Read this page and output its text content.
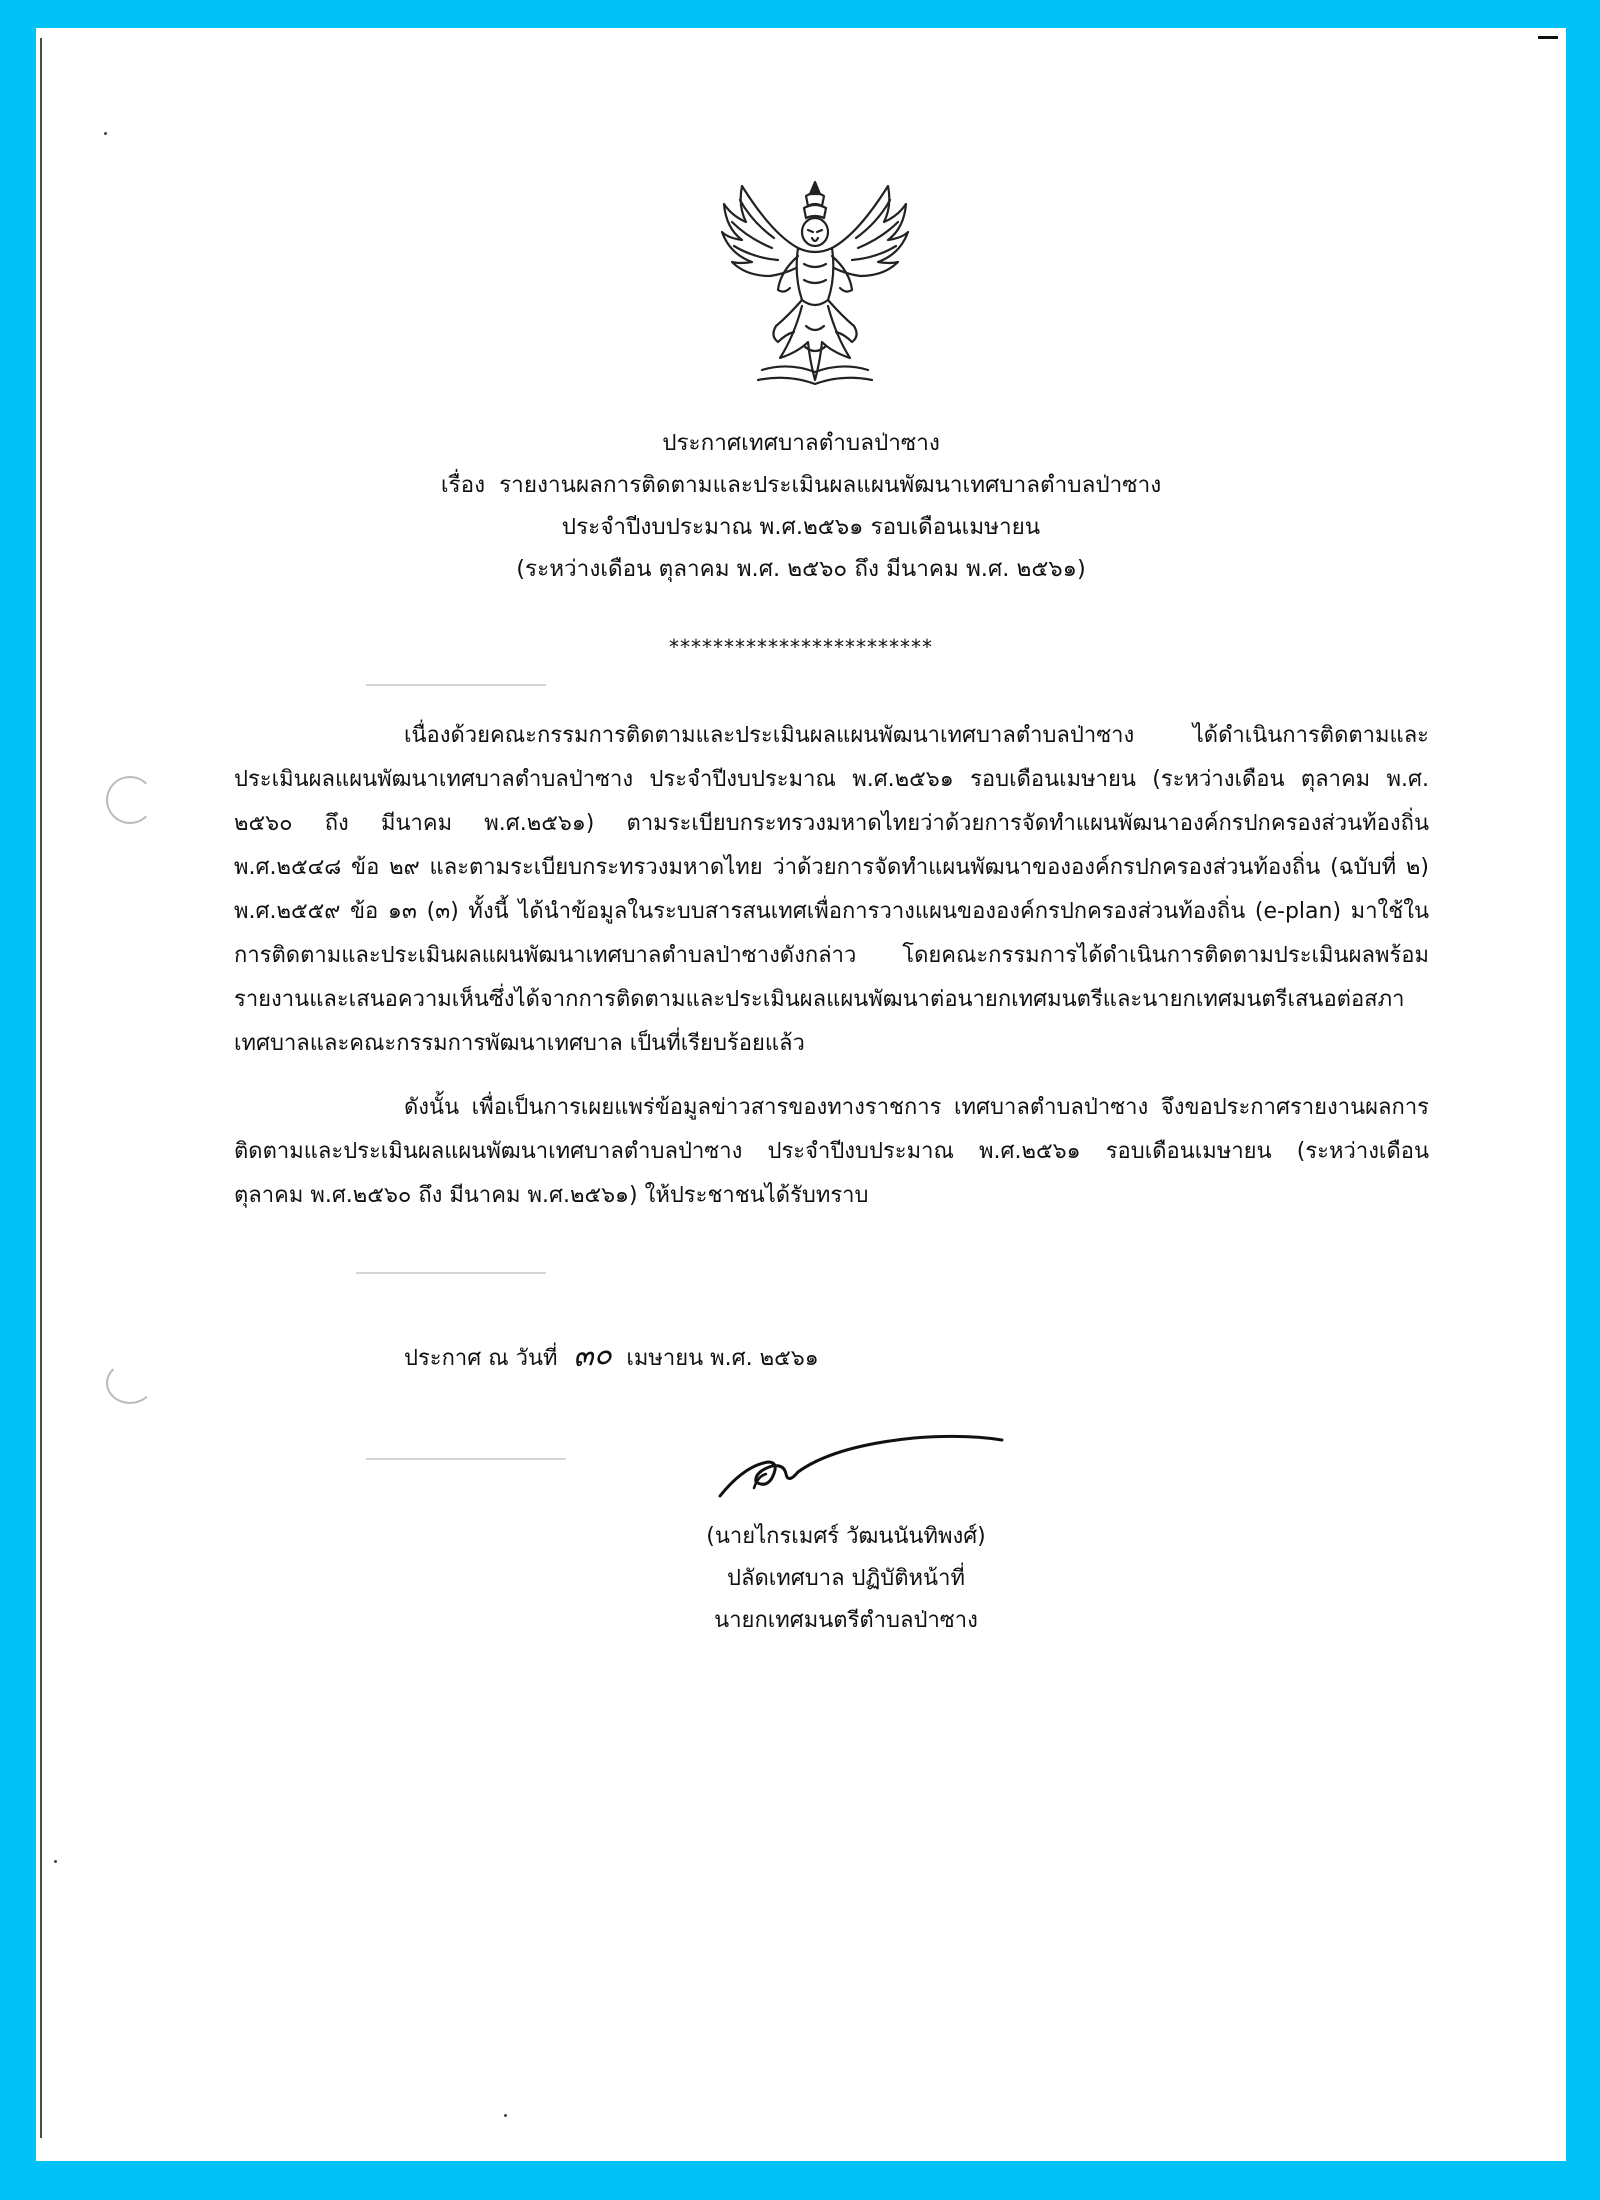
ประกาศเทศบาลตำบลป่าซาง
เรื่อง รายงานผลการติดตามและประเมินผลแผนพัฒนาเทศบาลตำบลป่าซาง
ประจำปีงบประมาณ พ.ศ.๒๕๖๑ รอบเดือนเมษายน
(ระหว่างเดือน ตุลาคม พ.ศ. ๒๕๖๐ ถึง มีนาคม พ.ศ. ๒๕๖๑)
************************

เนื่องด้วยคณะกรรมการติดตามและประเมินผลแผนพัฒนาเทศบาลตำบลป่าซาง ได้ดำเนินการติดตามและประเมินผลแผนพัฒนาเทศบาลตำบลป่าซาง ประจำปีงบประมาณ พ.ศ.๒๕๖๑ รอบเดือนเมษายน (ระหว่างเดือน ตุลาคม พ.ศ. ๒๕๖๐ ถึง มีนาคม พ.ศ.๒๕๖๑) ตามระเบียบกระทรวงมหาดไทยว่าด้วยการจัดทำแผนพัฒนาองค์กรปกครองส่วนท้องถิ่น พ.ศ.๒๕๔๘ ข้อ ๒๙ และตามระเบียบกระทรวงมหาดไทย ว่าด้วยการจัดทำแผนพัฒนาขององค์กรปกครองส่วนท้องถิ่น (ฉบับที่ ๒) พ.ศ.๒๕๕๙ ข้อ ๑๓ (๓) ทั้งนี้ ได้นำข้อมูลในระบบสารสนเทศเพื่อการวางแผนขององค์กรปกครองส่วนท้องถิ่น (e-plan) มาใช้ในการติดตามและประเมินผลแผนพัฒนาเทศบาลตำบลป่าซางดังกล่าว โดยคณะกรรมการได้ดำเนินการติดตามประเมินผลพร้อมรายงานและเสนอความเห็นซึ่งได้จากการติดตามและประเมินผลแผนพัฒนาต่อนายกเทศมนตรีและนายกเทศมนตรีเสนอต่อสภาเทศบาลและคณะกรรมการพัฒนาเทศบาล เป็นที่เรียบร้อยแล้ว

ดังนั้น เพื่อเป็นการเผยแพร่ข้อมูลข่าวสารของทางราชการ เทศบาลตำบลป่าซาง จึงขอประกาศรายงานผลการติดตามและประเมินผลแผนพัฒนาเทศบาลตำบลป่าซาง ประจำปีงบประมาณ พ.ศ.๒๕๖๑ รอบเดือนเมษายน (ระหว่างเดือน ตุลาคม พ.ศ.๒๕๖๐ ถึง มีนาคม พ.ศ.๒๕๖๑) ให้ประชาชนได้รับทราบ

ประกาศ ณ วันที่ ๓๐ เมษายน พ.ศ. ๒๕๖๑
(นายไกรเมศร์ วัฒนนันทิพงศ์)
ปลัดเทศบาล ปฏิบัติหน้าที่
นายกเทศมนตรีตำบลป่าซาง
